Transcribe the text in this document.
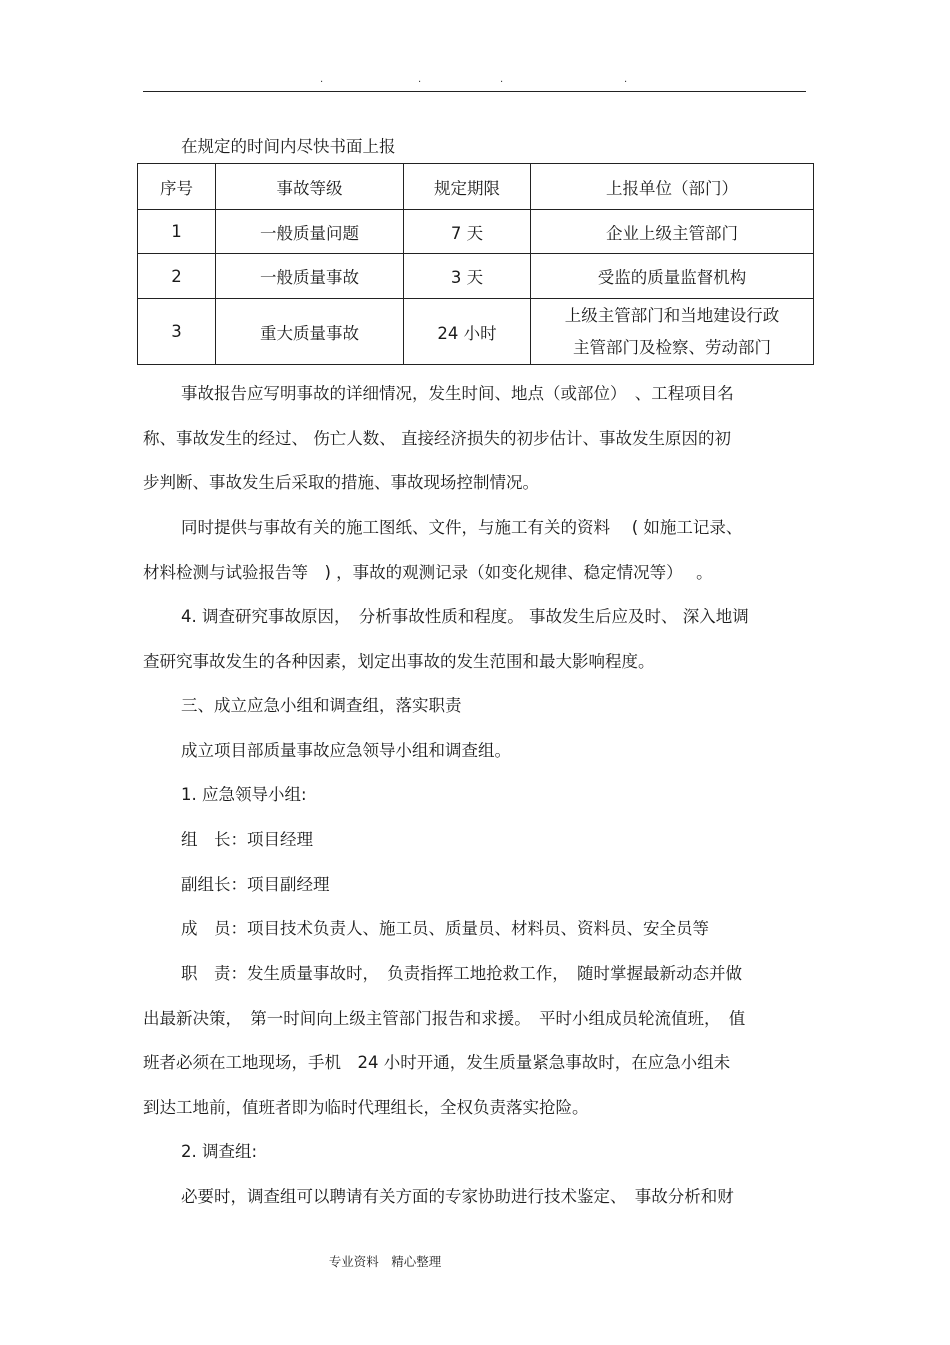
.	.	.	.
在规定的时间内尽快书面上报
序号	事故等级	规定期限	上报单位（部门）
1	一般质量问题	7 天	企业上级主管部门
2	一般质量事故	3 天	受监的质量监督机构
3	重大质量事故	24 小时	上级主管部门和当地建设行政
主管部门及检察、劳动部门
事故报告应写明事故的详细情况，发生时间、地点（或部位）　、工程项目名
称、事故发生的经过、 伤亡人数、 直接经济损失的初步估计、事故发生原因的初
步判断、事故发生后采取的措施、事故现场控制情况。
同时提供与事故有关的施工图纸、文件，与施工有关的资料　 ( 如施工记录、
材料检测与试验报告等　) ，事故的观测记录（如变化规律、稳定情况等）　 。
4. 调查研究事故原因，　分析事故性质和程度。 事故发生后应及时、 深入地调
查研究事故发生的各种因素，划定出事故的发生范围和最大影响程度。
三、成立应急小组和调查组，落实职责
成立项目部质量事故应急领导小组和调查组。
1. 应急领导小组:
组　长：项目经理
副组长：项目副经理
成　员：项目技术负责人、施工员、质量员、材料员、资料员、安全员等
职　责：发生质量事故时，　负责指挥工地抢救工作，　随时掌握最新动态并做
出最新决策，　第一时间向上级主管部门报告和求援。　平时小组成员轮流值班，　值
班者必须在工地现场，手机　24 小时开通，发生质量紧急事故时，在应急小组未
到达工地前，值班者即为临时代理组长，全权负责落实抢险。
2. 调查组:
必要时，调查组可以聘请有关方面的专家协助进行技术鉴定、　事故分析和财
专业资料　精心整理
